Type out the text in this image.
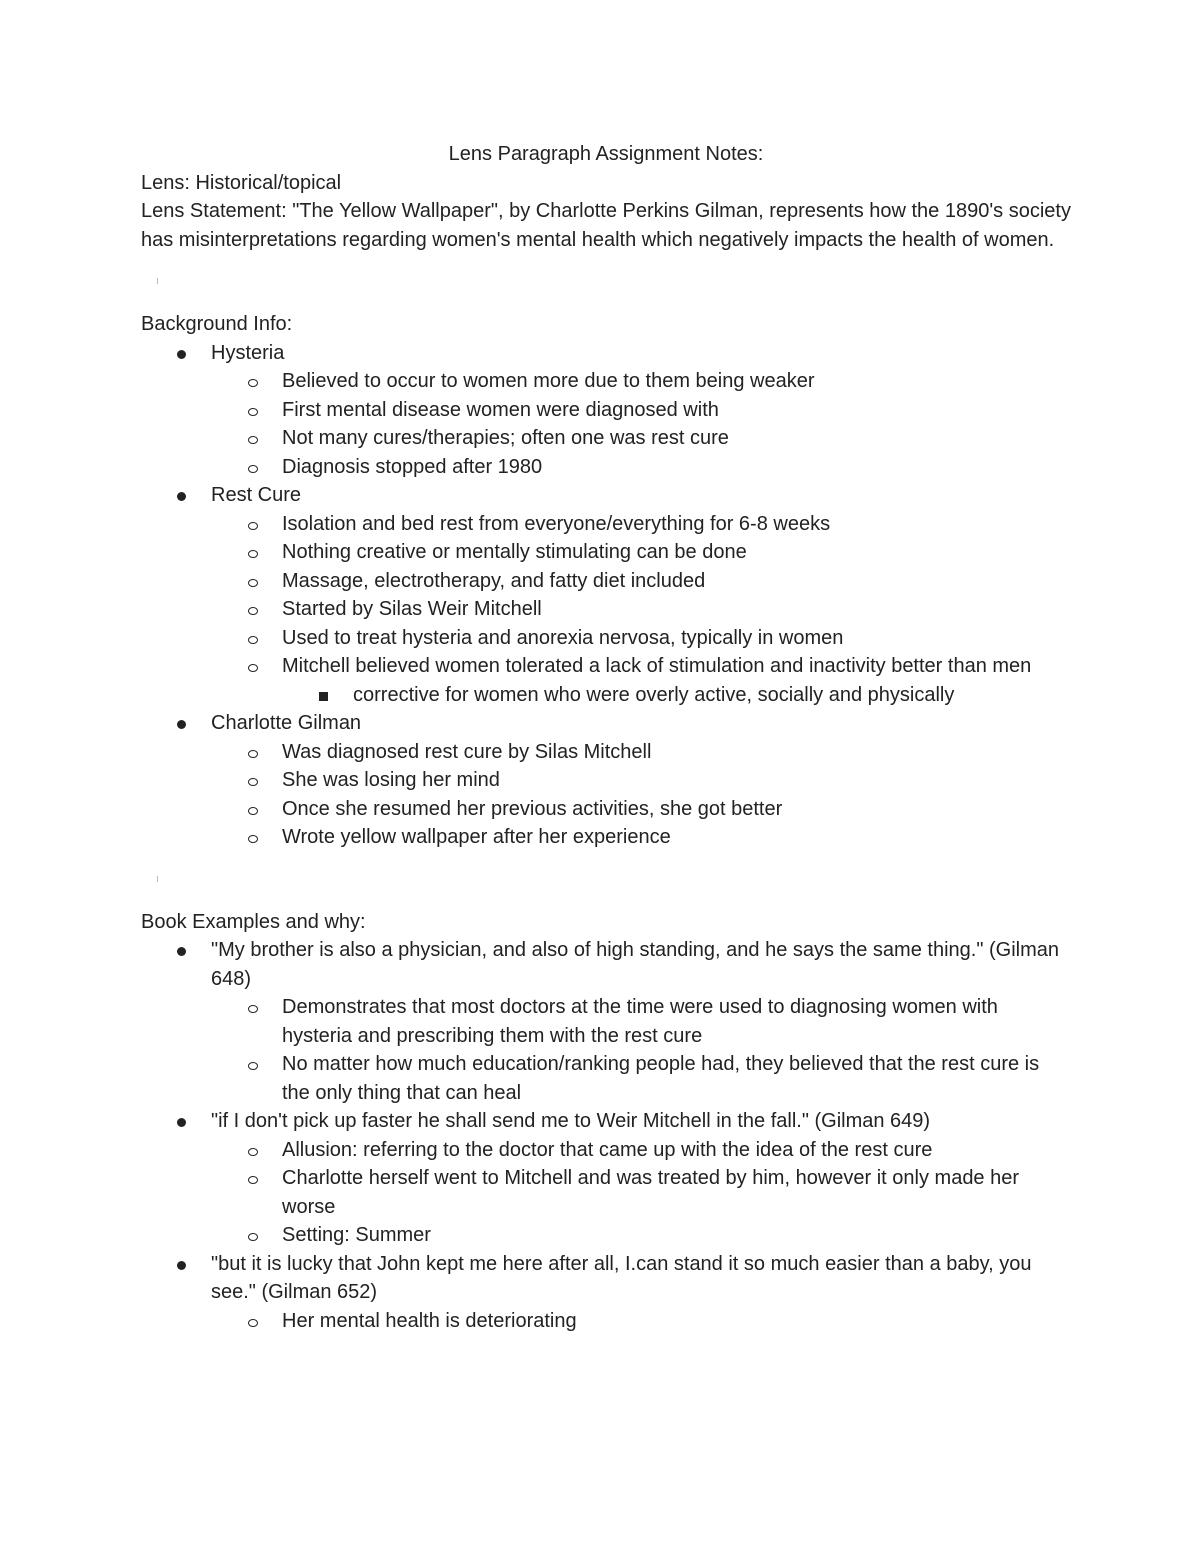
Lens Paragraph Assignment Notes:

Lens: Historical/topical

Lens Statement: "The Yellow Wallpaper", by Charlotte Perkins Gilman, represents how the 1890's society has misinterpretations regarding women's mental health which negatively impacts the health of women.

Background Info:

Hysteria
Believed to occur to women more due to them being weaker
First mental disease women were diagnosed with
Not many cures/therapies; often one was rest cure
Diagnosis stopped after 1980
Rest Cure
Isolation and bed rest from everyone/everything for 6-8 weeks
Nothing creative or mentally stimulating can be done
Massage, electrotherapy, and fatty diet included
Started by Silas Weir Mitchell
Used to treat hysteria and anorexia nervosa, typically in women
Mitchell believed women tolerated a lack of stimulation and inactivity better than men
corrective for women who were overly active, socially and physically
Charlotte Gilman
Was diagnosed rest cure by Silas Mitchell
She was losing her mind
Once she resumed her previous activities, she got better
Wrote yellow wallpaper after her experience

Book Examples and why:

"My brother is also a physician, and also of high standing, and he says the same thing." (Gilman 648)
Demonstrates that most doctors at the time were used to diagnosing women with hysteria and prescribing them with the rest cure
No matter how much education/ranking people had, they believed that the rest cure is the only thing that can heal
"if I don't pick up faster he shall send me to Weir Mitchell in the fall." (Gilman 649)
Allusion: referring to the doctor that came up with the idea of the rest cure
Charlotte herself went to Mitchell and was treated by him, however it only made her worse
Setting: Summer
"but it is lucky that John kept me here after all, I.can stand it so much easier than a baby, you see." (Gilman 652)
Her mental health is deteriorating
